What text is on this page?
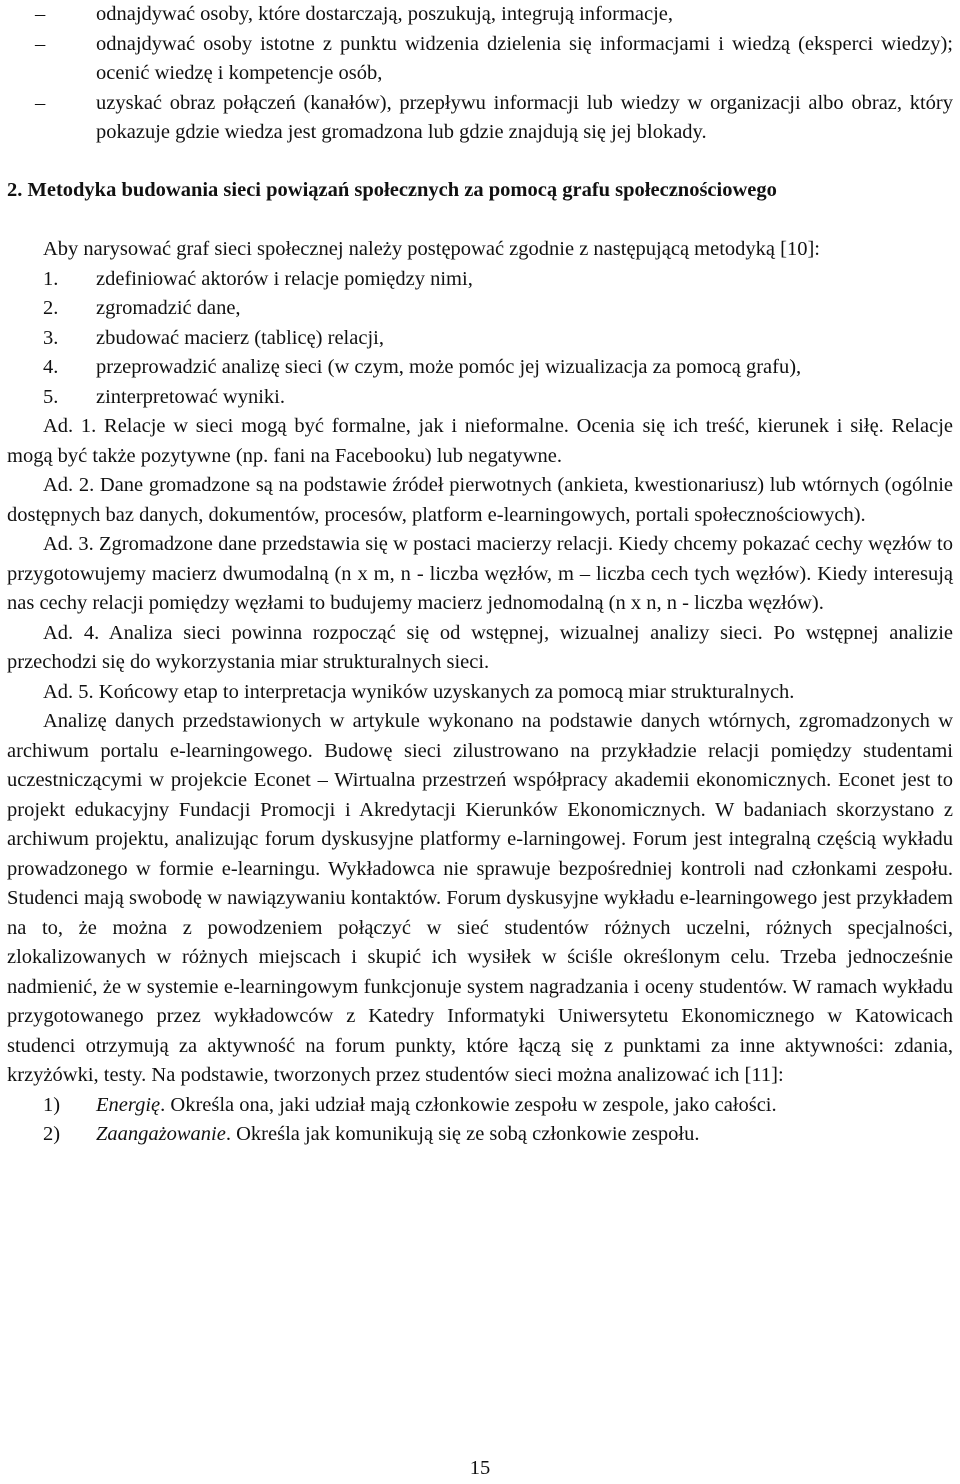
– odnajdywać osoby, które dostarczają, poszukują, integrują informacje,
– odnajdywać osoby istotne z punktu widzenia dzielenia się informacjami i wiedzą (eksperci wiedzy); ocenić wiedzę i kompetencje osób,
– uzyskać obraz połączeń (kanałów), przepływu informacji lub wiedzy w organizacji albo obraz, który pokazuje gdzie wiedza jest gromadzona lub gdzie znajdują się jej blokady.
2. Metodyka budowania sieci powiązań społecznych za pomocą grafu społecznościowego

Aby narysować graf sieci społecznej należy postępować zgodnie z następującą metodyką [10]:

1. zdefiniować aktorów i relacje pomiędzy nimi,
2. zgromadzić dane,
3. zbudować macierz (tablicę) relacji,
4. przeprowadzić analizę sieci (w czym, może pomóc jej wizualizacja za pomocą grafu),
5. zinterpretować wyniki.

Ad. 1. Relacje w sieci mogą być formalne, jak i nieformalne. Ocenia się ich treść, kierunek i siłę. Relacje mogą być także pozytywne (np. fani na Facebooku) lub negatywne.

Ad. 2. Dane gromadzone są na podstawie źródeł pierwotnych (ankieta, kwestionariusz) lub wtórnych (ogólnie dostępnych baz danych, dokumentów, procesów, platform e-learningowych, portali społecznościowych).

Ad. 3. Zgromadzone dane przedstawia się w postaci macierzy relacji. Kiedy chcemy pokazać cechy węzłów to przygotowujemy macierz dwumodalną (n x m, n - liczba węzłów, m – liczba cech tych węzłów). Kiedy interesują nas cechy relacji pomiędzy węzłami to budujemy macierz jednomodalną (n x n, n - liczba węzłów).

Ad. 4. Analiza sieci powinna rozpocząć się od wstępnej, wizualnej analizy sieci. Po wstępnej analizie przechodzi się do wykorzystania miar strukturalnych sieci.

Ad. 5. Końcowy etap to interpretacja wyników uzyskanych za pomocą miar strukturalnych.

Analizę danych przedstawionych w artykule wykonano na podstawie danych wtórnych, zgromadzonych w archiwum portalu e-learningowego. Budowę sieci zilustrowano na przykładzie relacji pomiędzy studentami uczestniczącymi w projekcie Econet – Wirtualna przestrzeń współpracy akademii ekonomicznych. Econet jest to projekt edukacyjny Fundacji Promocji i Akredytacji Kierunków Ekonomicznych. W badaniach skorzystano z archiwum projektu, analizując forum dyskusyjne platformy e-larningowej. Forum jest integralną częścią wykładu prowadzonego w formie e-learningu. Wykładowca nie sprawuje bezpośredniej kontroli nad członkami zespołu. Studenci mają swobodę w nawiązywaniu kontaktów. Forum dyskusyjne wykładu e-learningowego jest przykładem na to, że można z powodzeniem połączyć w sieć studentów różnych uczelni, różnych specjalności, zlokalizowanych w różnych miejscach i skupić ich wysiłek w ściśle określonym celu. Trzeba jednocześnie nadmienić, że w systemie e-learningowym funkcjonuje system nagradzania i oceny studentów. W ramach wykładu przygotowanego przez wykładowców z Katedry Informatyki Uniwersytetu Ekonomicznego w Katowicach studenci otrzymują za aktywność na forum punkty, które łączą się z punktami za inne aktywności: zdania, krzyżówki, testy. Na podstawie, tworzonych przez studentów sieci można analizować ich [11]:

1) Energię. Określa ona, jaki udział mają członkowie zespołu w zespole, jako całości.
2) Zaangażowanie. Określa jak komunikują się ze sobą członkowie zespołu.
15
